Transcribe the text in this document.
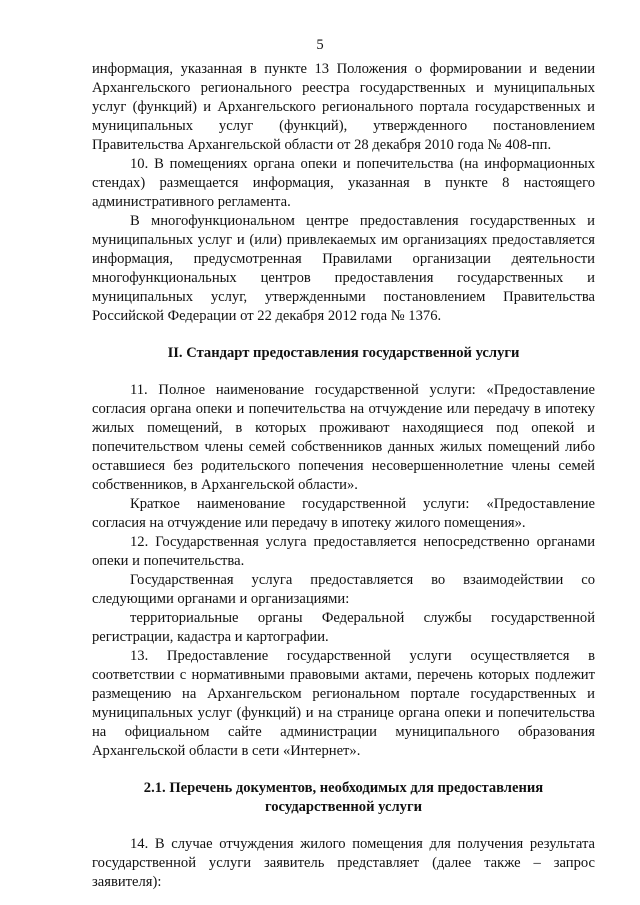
5

информация, указанная в пункте 13 Положения о формировании и ведении Архангельского регионального реестра государственных и муниципальных услуг (функций) и Архангельского регионального портала государственных и муниципальных услуг (функций), утвержденного постановлением Правительства Архангельской области от 28 декабря 2010 года № 408-пп.

10. В помещениях органа опеки и попечительства (на информационных стендах) размещается информация, указанная в пункте 8 настоящего административного регламента.

В многофункциональном центре предоставления государственных и муниципальных услуг и (или) привлекаемых им организациях предоставляется информация, предусмотренная Правилами организации деятельности многофункциональных центров предоставления государственных и муниципальных услуг, утвержденными постановлением Правительства Российской Федерации от 22 декабря 2012 года № 1376.

II. Стандарт предоставления государственной услуги

11. Полное наименование государственной услуги: «Предоставление согласия органа опеки и попечительства на отчуждение или передачу в ипотеку жилых помещений, в которых проживают находящиеся под опекой и попечительством члены семей собственников данных жилых помещений либо оставшиеся без родительского попечения несовершеннолетние члены семей собственников, в Архангельской области».

Краткое наименование государственной услуги: «Предоставление согласия на отчуждение или передачу в ипотеку жилого помещения».

12. Государственная услуга предоставляется непосредственно органами опеки и попечительства.

Государственная услуга предоставляется во взаимодействии со следующими органами и организациями:

территориальные органы Федеральной службы государственной регистрации, кадастра и картографии.

13. Предоставление государственной услуги осуществляется в соответствии с нормативными правовыми актами, перечень которых подлежит размещению на Архангельском региональном портале государственных и муниципальных услуг (функций) и на странице органа опеки и попечительства на официальном сайте администрации муниципального образования Архангельской области в сети «Интернет».

2.1. Перечень документов, необходимых для предоставления
государственной услуги

14. В случае отчуждения жилого помещения для получения результата государственной услуги заявитель представляет (далее также – запрос заявителя):
